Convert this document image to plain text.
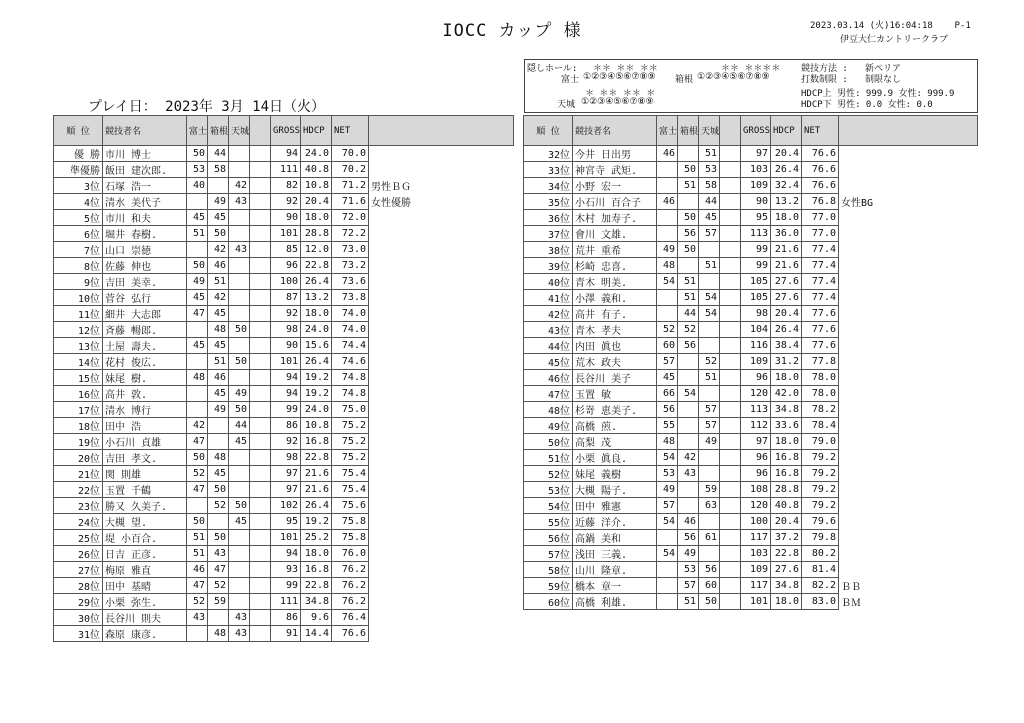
IOCC カップ 様	2023.03.14 (火)16:04:18 P-1
伊豆大仁カントリークラブ
プレイ日： 2023年 3月 14日（火）
隠しホール: ＊＊ ＊＊ ＊＊	＊＊ ＊＊＊＊
富士 ①②③④⑤⑥⑦⑧⑨ 箱根 ①②③④⑤⑥⑦⑧⑨
＊ ＊＊ ＊＊ ＊
天城 ①②③④⑤⑥⑦⑧⑨
競技方法 : 新ペリア
打数制限 : 制限なし
HDCP上 男性: 999.9 女性: 999.9
HDCP下 男性: 0.0 女性: 0.0
順 位	競技者名	富士	箱根	天城		GROSS	HDCP	NET	
優 勝	市川 博士	50	44			94	24.0	70.0	
準優勝	飯田 建次郎.	53	58			111	40.8	70.2	
3位	石塚 浩一	40		42		82	10.8	71.2	男性ＢＧ
4位	清水 美代子		49	43		92	20.4	71.6	女性優勝
5位	市川 和夫	45	45			90	18.0	72.0	
6位	堀井 春樹.	51	50			101	28.8	72.2	
7位	山口 崇徳		42	43		85	12.0	73.0	
8位	佐藤 伸也	50	46			96	22.8	73.2	
9位	吉田 美幸.	49	51			100	26.4	73.6	
10位	菅谷 弘行	45	42			87	13.2	73.8	
11位	細井 大志郎	47	45			92	18.0	74.0	
12位	斉藤 暢郎.		48	50		98	24.0	74.0	
13位	土屋 壽夫.	45	45			90	15.6	74.4	
14位	花村 俊広.		51	50		101	26.4	74.6	
15位	妹尾 樹.	48	46			94	19.2	74.8	
16位	高井 敦.		45	49		94	19.2	74.8	
17位	清水 博行		49	50		99	24.0	75.0	
18位	田中 浩	42		44		86	10.8	75.2	
19位	小石川 貞雄	47		45		92	16.8	75.2	
20位	吉田 孝文.	50	48			98	22.8	75.2	
21位	関 則雄	52	45			97	21.6	75.4	
22位	玉置 千鶴	47	50			97	21.6	75.4	
23位	勝又 久美子.		52	50		102	26.4	75.6	
24位	大槻 望.	50		45		95	19.2	75.8	
25位	堤 小百合.	51	50			101	25.2	75.8	
26位	日吉 正彦.	51	43			94	18.0	76.0	
27位	梅原 雅直	46	47			93	16.8	76.2	
28位	田中 基晴	47	52			99	22.8	76.2	
29位	小栗 弥生.	52	59			111	34.8	76.2	
30位	長谷川 則夫	43		43		86	9.6	76.4	
31位	森原 康彦.		48	43		91	14.4	76.6	
順 位	競技者名	富士	箱根	天城		GROSS	HDCP	NET	
32位	今井 日出男	46		51		97	20.4	76.6	
33位	神宮寺 武矩.		50	53		103	26.4	76.6	
34位	小野 宏一		51	58		109	32.4	76.6	
35位	小石川 百合子	46		44		90	13.2	76.8	女性BG
36位	木村 加寿子.		50	45		95	18.0	77.0	
37位	會川 文雄.		56	57		113	36.0	77.0	
38位	荒井 重希	49	50			99	21.6	77.4	
39位	杉崎 忠喜.	48		51		99	21.6	77.4	
40位	青木 明美.	54	51			105	27.6	77.4	
41位	小澤 義和.		51	54		105	27.6	77.4	
42位	高井 有子.		44	54		98	20.4	77.6	
43位	青木 孝夫	52	52			104	26.4	77.6	
44位	内田 眞也	60	56			116	38.4	77.6	
45位	荒木 政夫	57		52		109	31.2	77.8	
46位	長谷川 美子	45		51		96	18.0	78.0	
47位	玉置 敏	66	54			120	42.0	78.0	
48位	杉嵜 恵美子.	56		57		113	34.8	78.2	
49位	高橋 煎.	55		57		112	33.6	78.4	
50位	高梨 茂	48		49		97	18.0	79.0	
51位	小栗 眞良.	54	42			96	16.8	79.2	
52位	妹尾 義樹	53	43			96	16.8	79.2	
53位	大槻 陽子.	49		59		108	28.8	79.2	
54位	田中 雅憲	57		63		120	40.8	79.2	
55位	近藤 洋介.	54	46			100	20.4	79.6	
56位	高鍋 美和		56	61		117	37.2	79.8	
57位	浅田 三義.	54	49			103	22.8	80.2	
58位	山川 隆章.		53	56		109	27.6	81.4	
59位	橋本 章一		57	60		117	34.8	82.2	ＢＢ
60位	高橋 利雄.		51	50		101	18.0	83.0	ＢＭ
